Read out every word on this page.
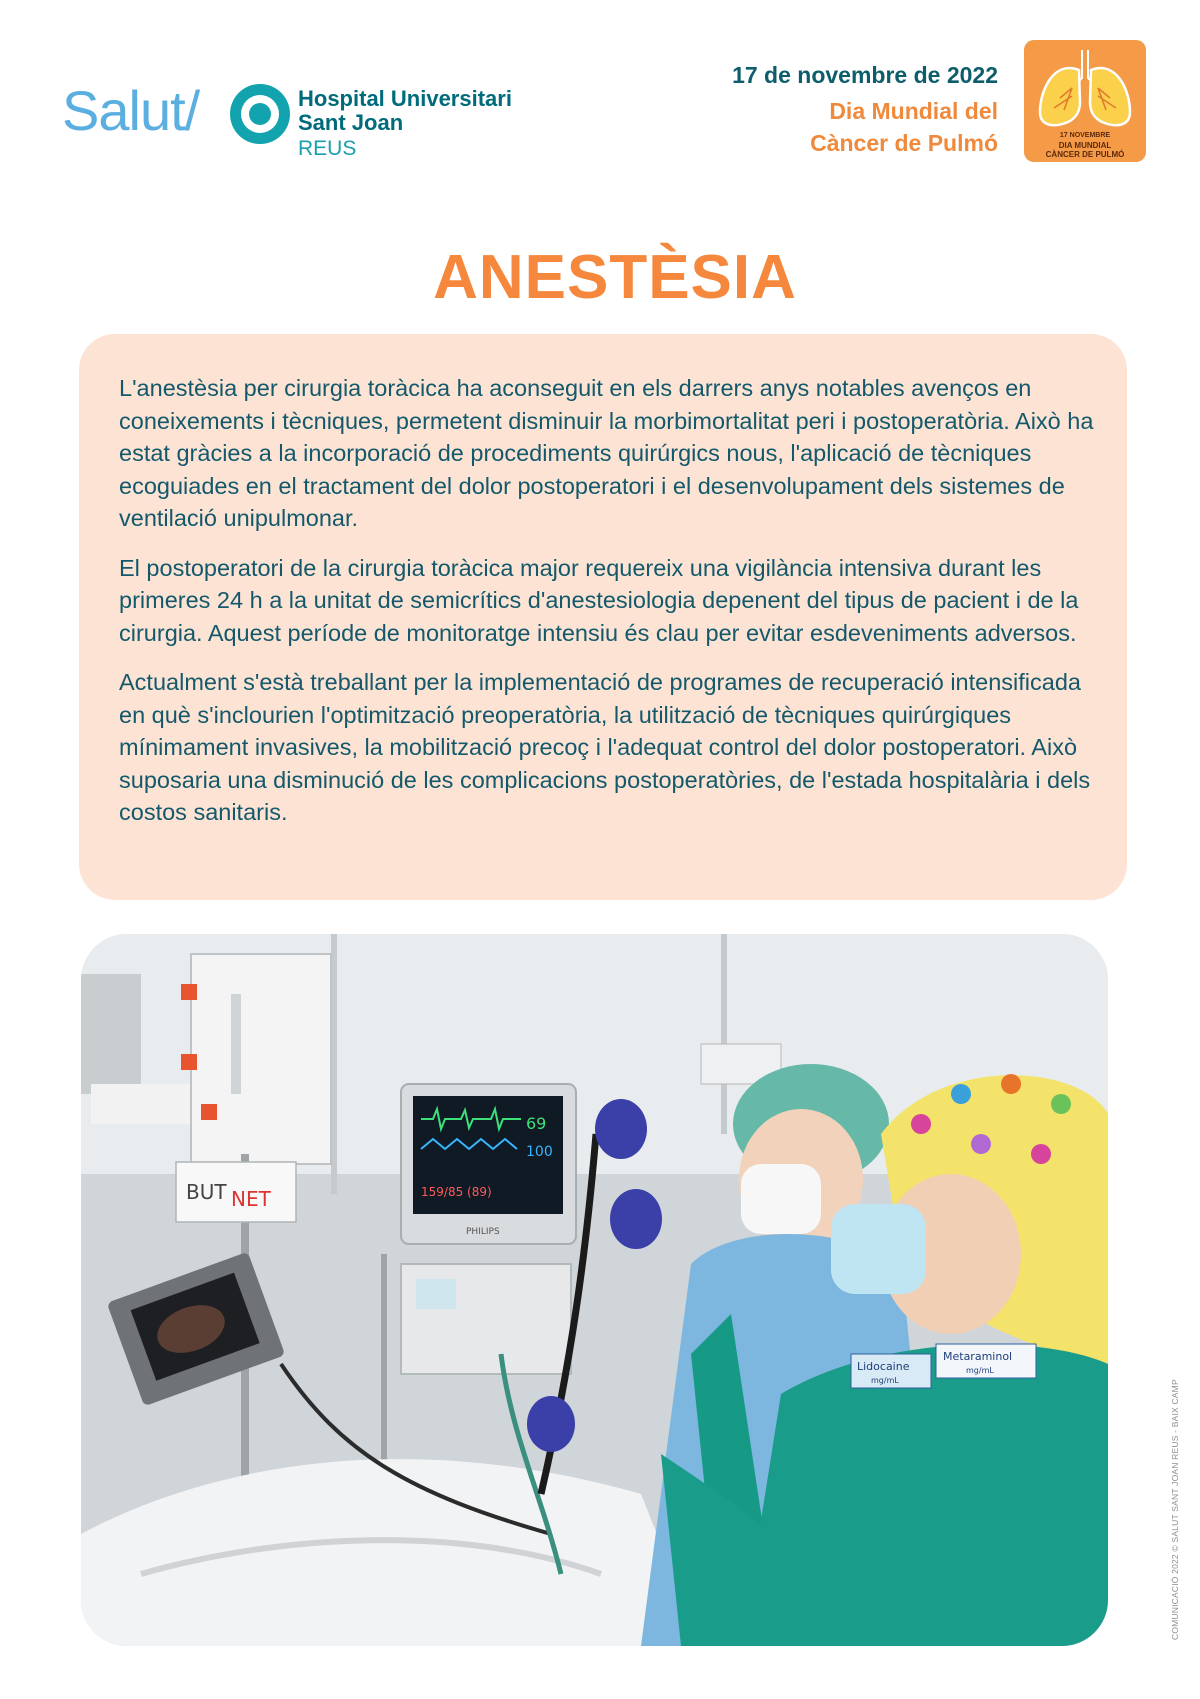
Salut/	Hospital Universitari
Sant Joan
REUS
17 de novembre de 2022
Dia Mundial del
Càncer de Pulmó	17 NOVEMBRE
DIA MUNDIAL
CÀNCER DE PULMÓ
ANESTÈSIA

L'anestèsia per cirurgia toràcica ha aconseguit en els darrers anys notables avenços en coneixements i tècniques, permetent disminuir la morbimortalitat peri i postoperatòria. Això ha estat gràcies a la incorporació de procediments quirúrgics nous, l'aplicació de tècniques ecoguiades en el tractament del dolor postoperatori i el desenvolupament dels sistemes de ventilació unipulmonar.

El postoperatori de la cirurgia toràcica major requereix una vigilància intensiva durant les primeres 24 h a la unitat de semicrítics d'anestesiologia depenent del tipus de pacient i de la cirurgia. Aquest període de monitoratge intensiu és clau per evitar esdeveniments adversos.

Actualment s'està treballant per la implementació de programes de recuperació intensificada en què s'inclourien l'optimització preoperatòria, la utilització de tècniques quirúrgiques mínimament invasives, la mobilització precoç i l'adequat control del dolor postoperatori. Això suposaria una disminució de les complicacions postoperatòries, de l'estada hospitalària i dels costos sanitaris.

BUT NET
69
100
159/85 (89)
PHILIPS
Lidocaine
mg/mL
Metaraminol
mg/mL
COMUNICACIÓ 2022 © SALUT SANT JOAN REUS - BAIX CAMP
